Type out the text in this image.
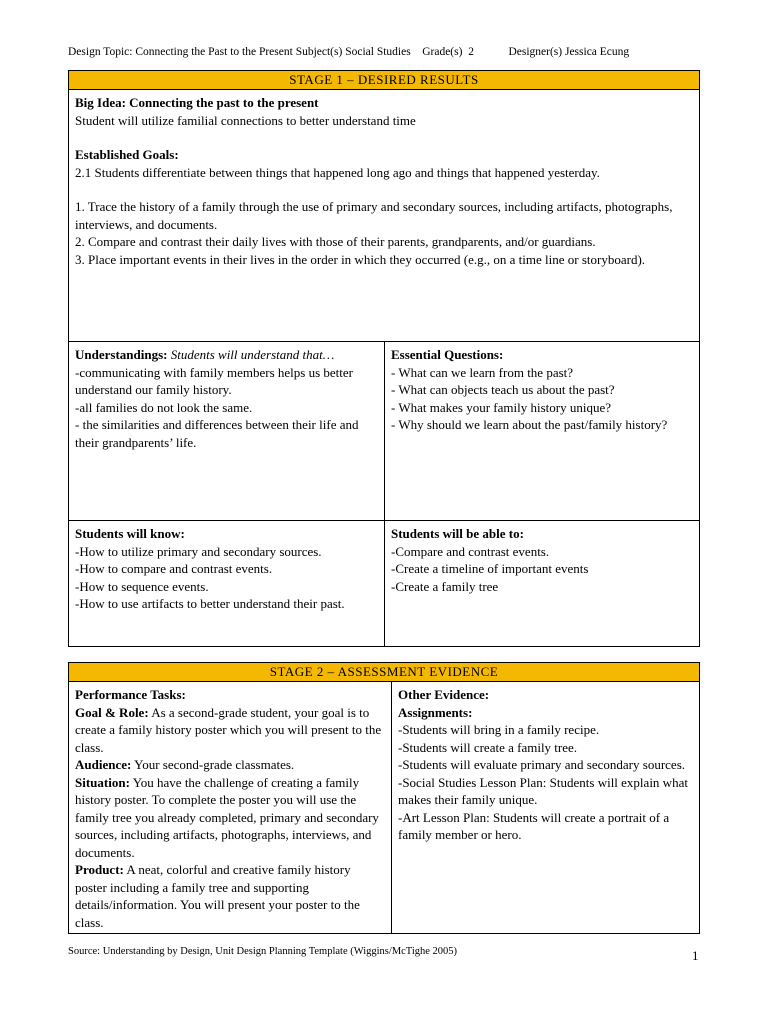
Design Topic: Connecting the Past to the Present Subject(s) Social Studies Grade(s) 2	Designer(s) Jessica Ecung
STAGE 1 – DESIRED RESULTS
Big Idea: Connecting the past to the present
Student will utilize familial connections to better understand time
Established Goals:
2.1 Students differentiate between things that happened long ago and things that happened yesterday.
1. Trace the history of a family through the use of primary and secondary sources, including artifacts, photographs, interviews, and documents.
2. Compare and contrast their daily lives with those of their parents, grandparents, and/or guardians.
3. Place important events in their lives in the order in which they occurred (e.g., on a time line or storyboard).
Understandings: Students will understand that…
-communicating with family members helps us better understand our family history.
-all families do not look the same.
- the similarities and differences between their life and their grandparents’ life.
Essential Questions:
- What can we learn from the past?
- What can objects teach us about the past?
- What makes your family history unique?
- Why should we learn about the past/family history?
Students will know:
-How to utilize primary and secondary sources.
-How to compare and contrast events.
-How to sequence events.
-How to use artifacts to better understand their past.
Students will be able to:
-Compare and contrast events.
-Create a timeline of important events
-Create a family tree
STAGE 2 – ASSESSMENT EVIDENCE
Performance Tasks:
Goal & Role: As a second-grade student, your goal is to create a family history poster which you will present to the class.
Audience: Your second-grade classmates.
Situation: You have the challenge of creating a family history poster. To complete the poster you will use the family tree you already completed, primary and secondary sources, including artifacts, photographs, interviews, and documents.
Product: A neat, colorful and creative family history poster including a family tree and supporting details/information. You will present your poster to the class.
Other Evidence:
Assignments:
-Students will bring in a family recipe.
-Students will create a family tree.
-Students will evaluate primary and secondary sources.
-Social Studies Lesson Plan: Students will explain what makes their family unique.
-Art Lesson Plan: Students will create a portrait of a family member or hero.
Source: Understanding by Design, Unit Design Planning Template (Wiggins/McTighe 2005)	1
